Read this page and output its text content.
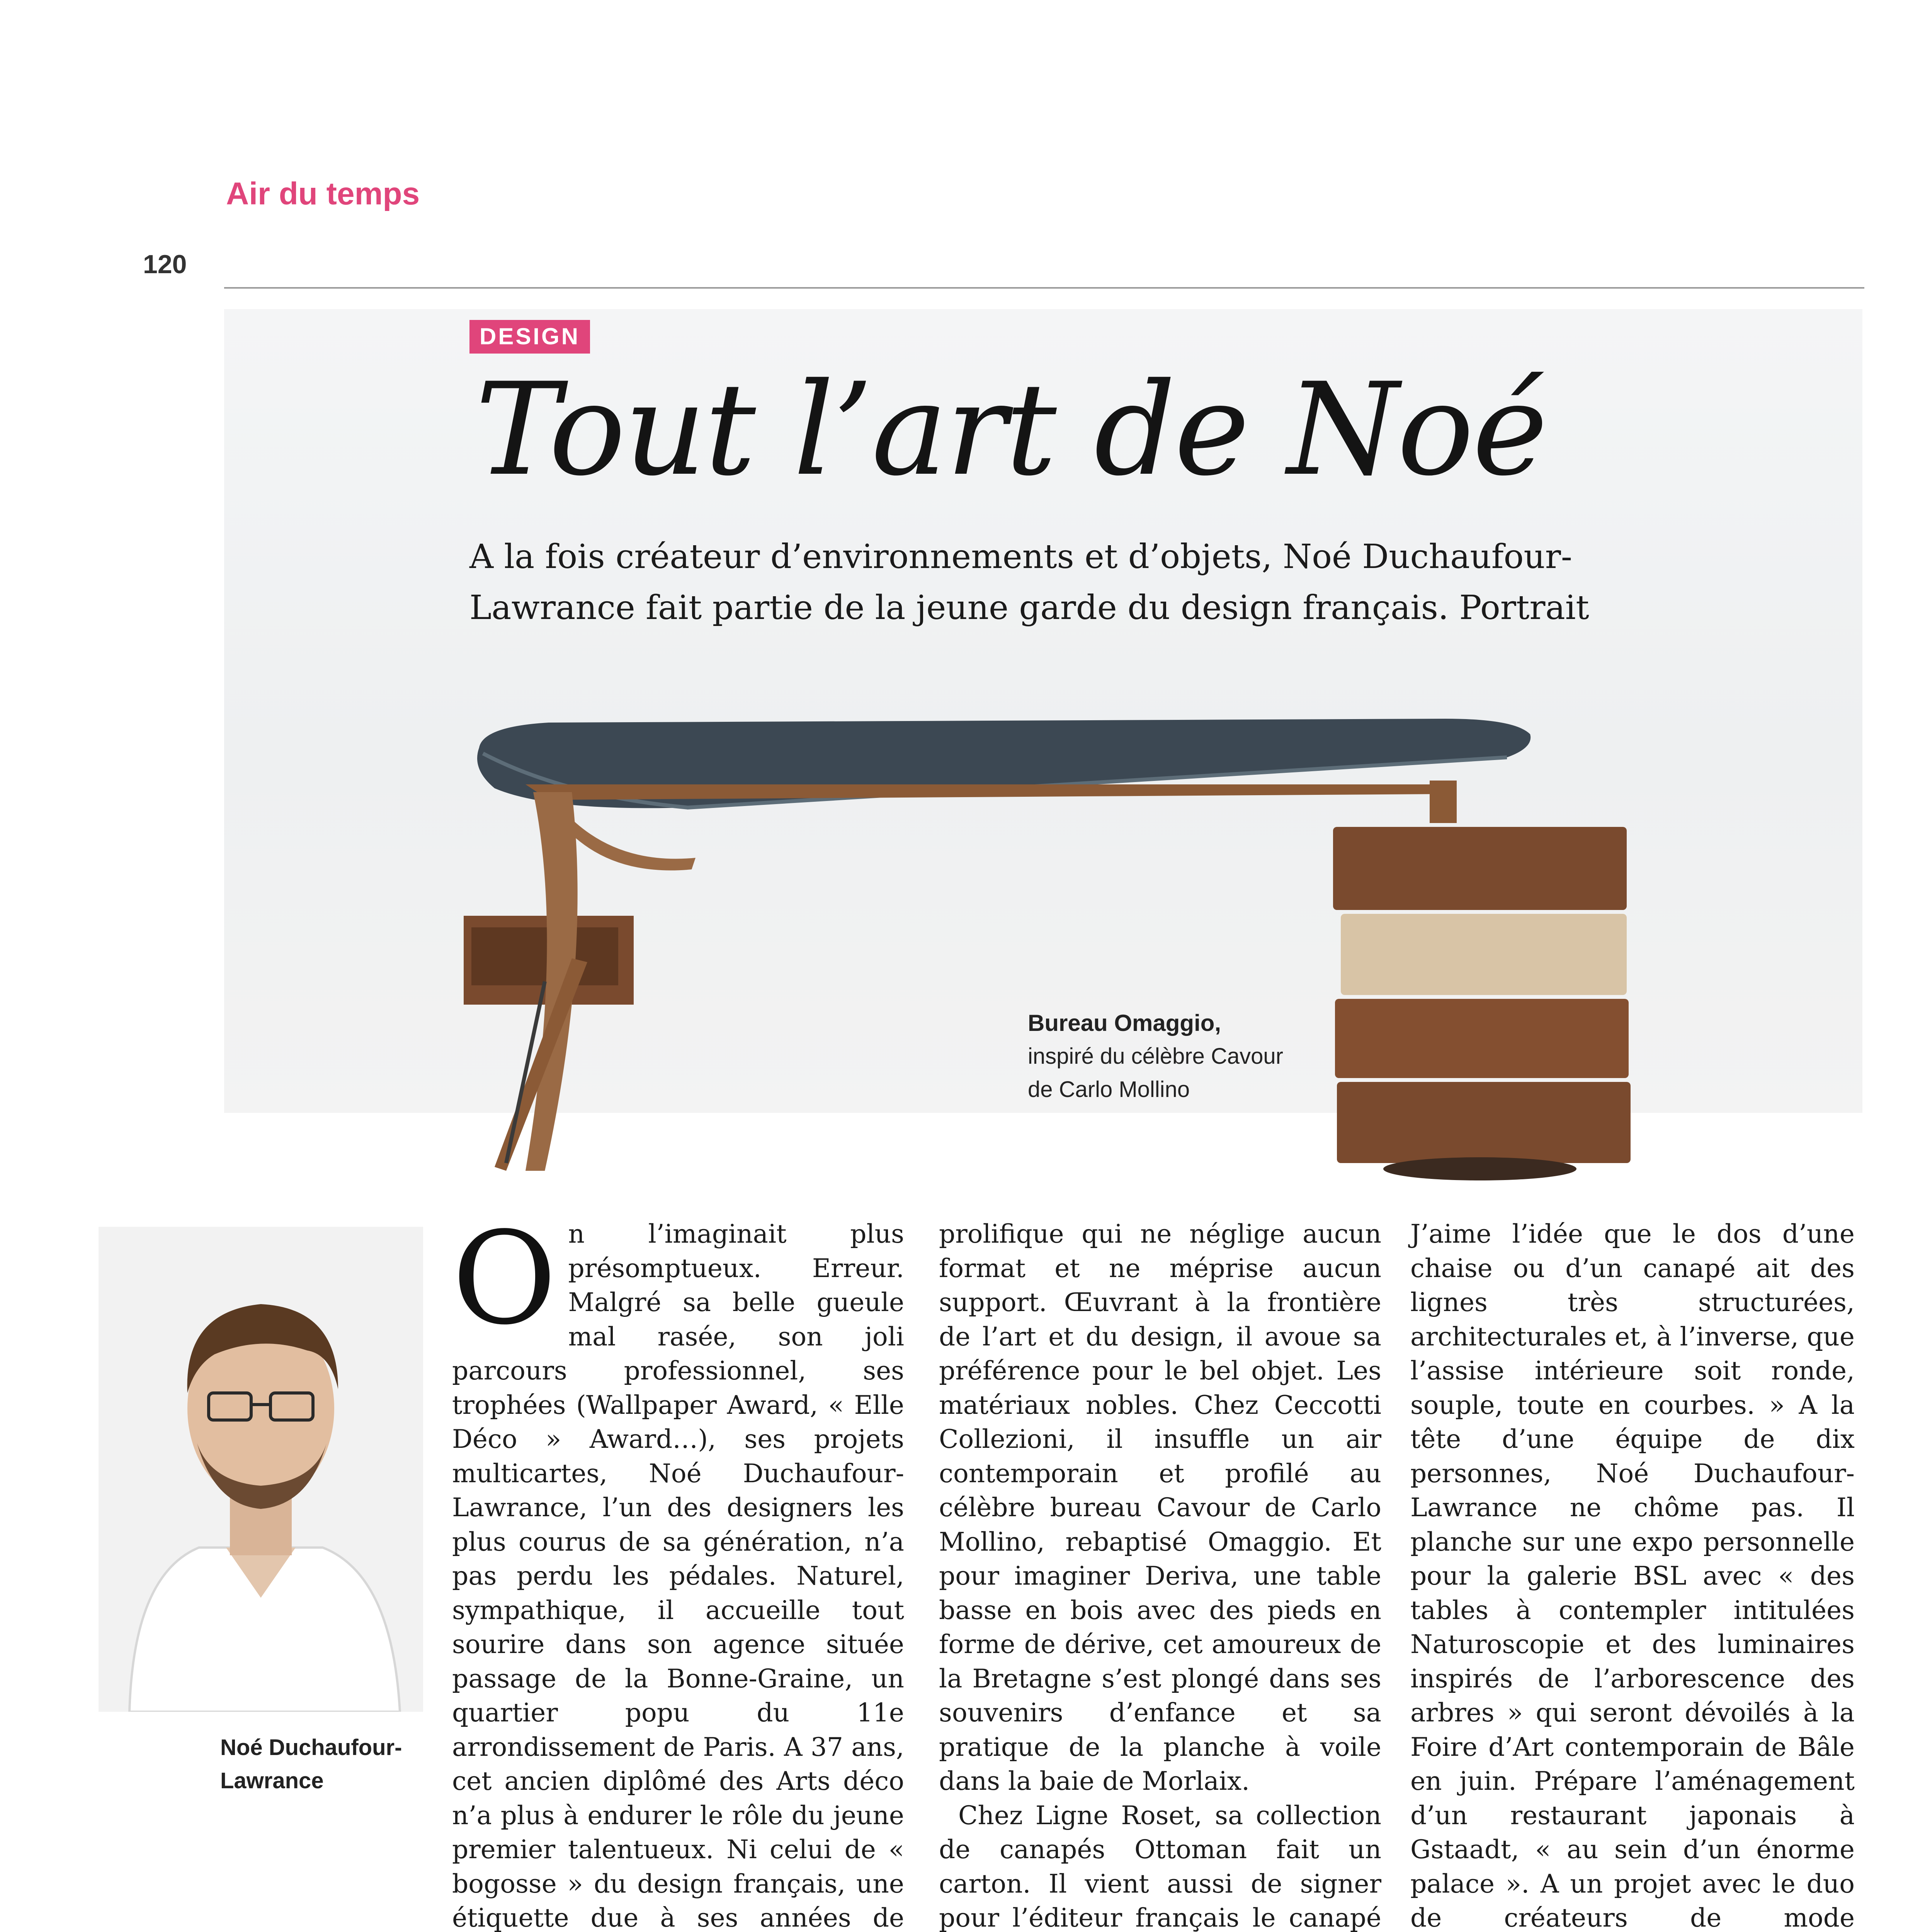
Air du temps
120
DESIGN
Tout l’art de Noé
A la fois créateur d’environnements et d’objets, Noé Duchaufour-Lawrance fait partie de la jeune garde du design français. Portrait
Bureau Omaggio,
inspiré du célèbre Cavour
de Carlo Mollino
Noé Duchaufour-
Lawrance
O n l’imaginait plus présomptueux. Erreur. Malgré sa belle gueule mal rasée, son joli parcours professionnel, ses trophées (Wallpaper Award, « Elle Déco » Award…), ses projets multicartes, Noé Duchaufour-Lawrance, l’un des designers les plus courus de sa génération, n’a pas perdu les pédales. Naturel, sympathique, il accueille tout sourire dans son agence située passage de la Bonne-Graine, un quartier popu du 11e arrondissement de Paris. A 37 ans, cet ancien diplômé des Arts déco n’a plus à endurer le rôle du jeune premier talentueux. Ni celui de « bogosse » du design français, une étiquette due à ses années de

prolifique qui ne néglige aucun format et ne méprise aucun support. Œuvrant à la frontière de l’art et du design, il avoue sa préférence pour le bel objet. Les matériaux nobles. Chez Ceccotti Collezioni, il insuffle un air contemporain et profilé au célèbre bureau Cavour de Carlo Mollino, rebaptisé Omaggio. Et pour imaginer Deriva, une table basse en bois avec des pieds en forme de dérive, cet amoureux de la Bretagne s’est plongé dans ses souvenirs d’enfance et sa pratique de la planche à voile dans la baie de Morlaix.

Chez Ligne Roset, sa collection de canapés Ottoman fait un carton. Il vient aussi de signer pour l’éditeur français le canapé

J’aime l’idée que le dos d’une chaise ou d’un canapé ait des lignes très structurées, architecturales et, à l’inverse, que l’assise intérieure soit ronde, souple, toute en courbes. » A la tête d’une équipe de dix personnes, Noé Duchaufour-Lawrance ne chôme pas. Il planche sur une expo personnelle pour la galerie BSL avec « des tables à contempler intitulées Naturoscopie et des luminaires inspirés de l’arborescence des arbres » qui seront dévoilés à la Foire d’Art contemporain de Bâle en juin. Prépare l’aménagement d’un restaurant japonais à Gstaadt, « au sein d’un énorme palace ». A un projet avec le duo de créateurs de mode
